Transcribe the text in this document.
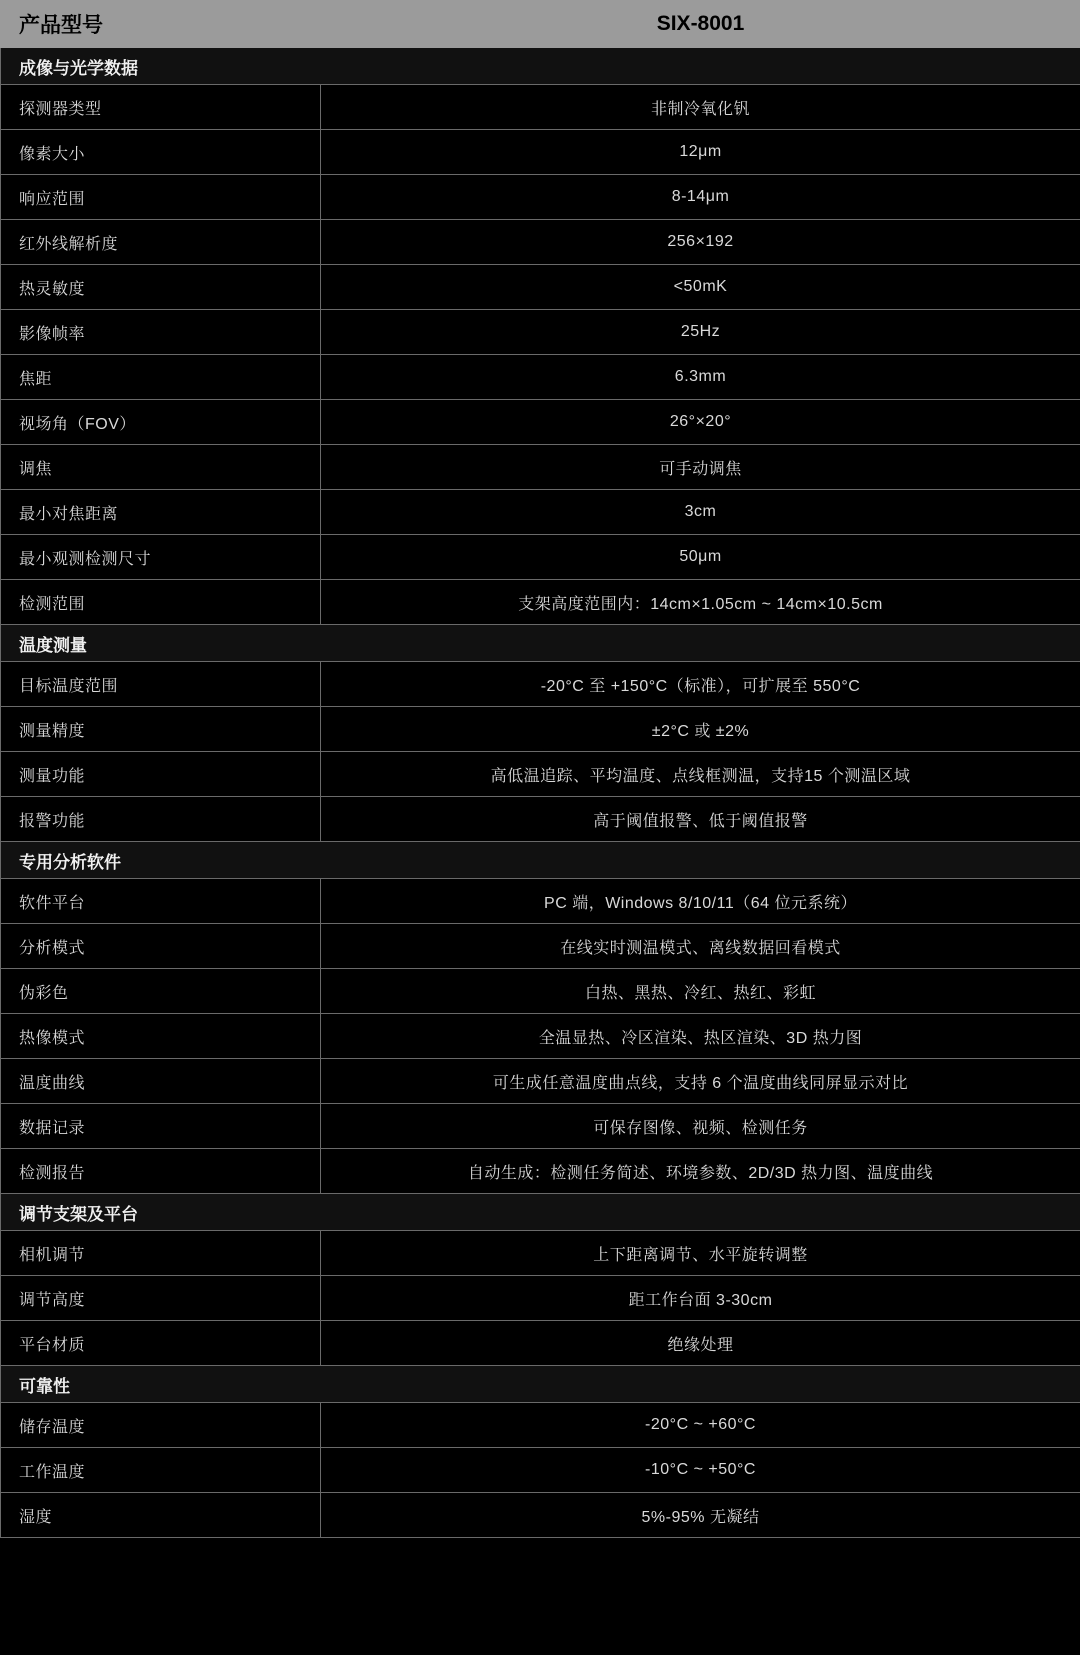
产品型号	SIX-8001
成像与光学数据	
探测器类型	非制冷氧化钒
像素大小	12μm
响应范围	8-14μm
红外线解析度	256×192
热灵敏度	<50mK
影像帧率	25Hz
焦距	6.3mm
视场角（FOV）	26°×20°
调焦	可手动调焦
最小对焦距离	3cm
最小观测检测尺寸	50μm
检测范围	支架高度范围内：14cm×1.05cm ~ 14cm×10.5cm
温度测量	
目标温度范围	-20°C 至 +150°C（标准），可扩展至 550°C
测量精度	±2°C 或 ±2%
测量功能	高低温追踪、平均温度、点线框测温，支持15 个测温区域
报警功能	高于阈值报警、低于阈值报警
专用分析软件	
软件平台	PC 端，Windows 8/10/11（64 位元系统）
分析模式	在线实时测温模式、离线数据回看模式
伪彩色	白热、黑热、冷红、热红、彩虹
热像模式	全温显热、冷区渲染、热区渲染、3D 热力图
温度曲线	可生成任意温度曲点线，支持 6 个温度曲线同屏显示对比
数据记录	可保存图像、视频、检测任务
检测报告	自动生成：检测任务简述、环境参数、2D/3D 热力图、温度曲线
调节支架及平台	
相机调节	上下距离调节、水平旋转调整
调节高度	距工作台面 3-30cm
平台材质	绝缘处理
可靠性	
储存温度	-20°C ~ +60°C
工作温度	-10°C ~ +50°C
湿度	5%-95% 无凝结
